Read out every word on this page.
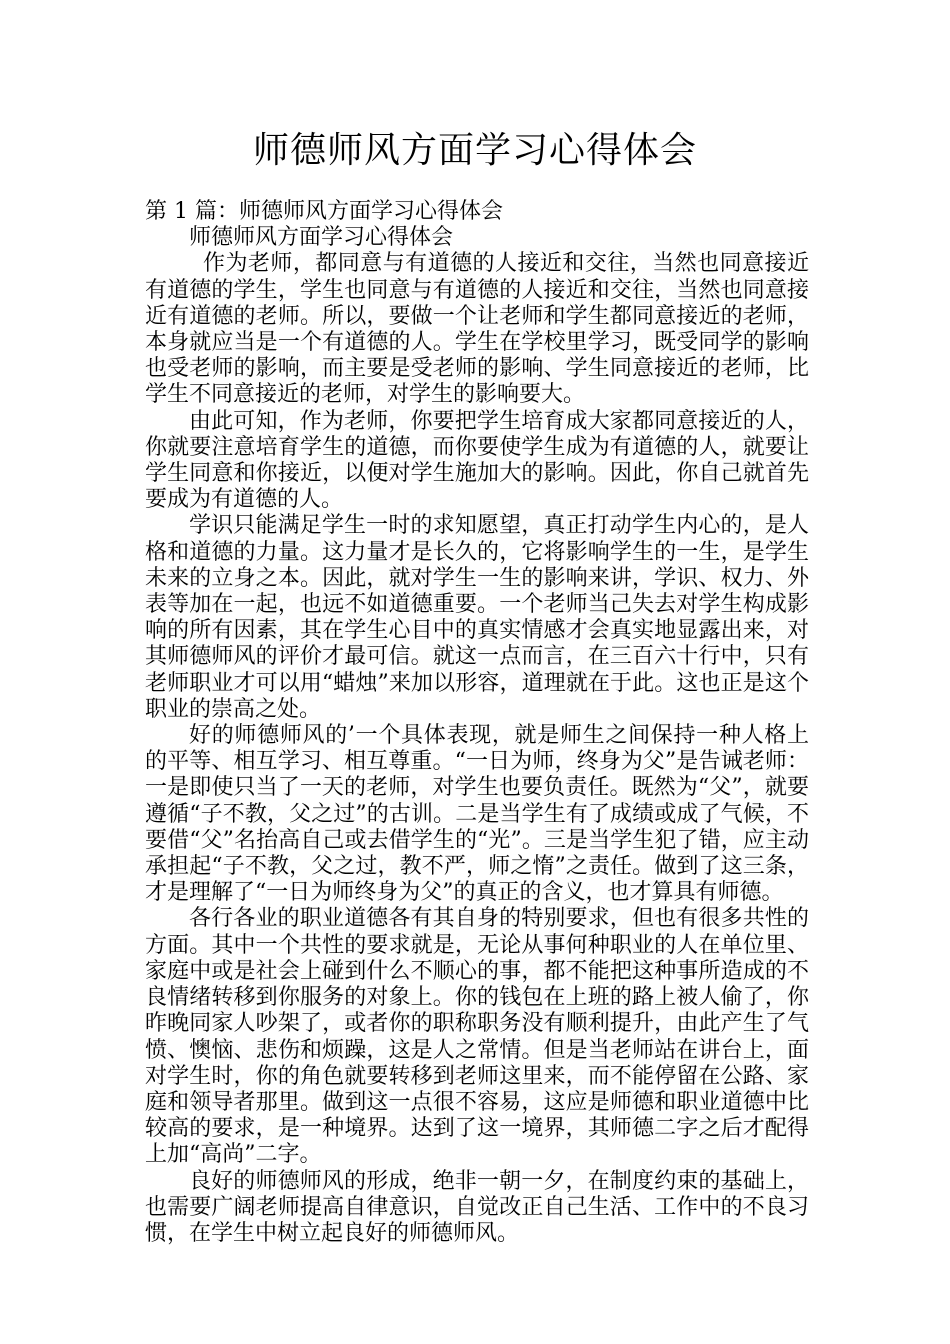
师德师风方面学习心得体会

第 1 篇：师德师风方面学习心得体会

师德师风方面学习心得体会

作为老师，都同意与有道德的人接近和交往，当然也同意接近有道德的学生，学生也同意与有道德的人接近和交往，当然也同意接近有道德的老师。所以，要做一个让老师和学生都同意接近的老师，本身就应当是一个有道德的人。学生在学校里学习，既受同学的影响也受老师的影响，而主要是受老师的影响、学生同意接近的老师，比学生不同意接近的老师，对学生的影响要大。

由此可知，作为老师，你要把学生培育成大家都同意接近的人，你就要注意培育学生的道德，而你要使学生成为有道德的人，就要让学生同意和你接近，以便对学生施加大的影响。因此，你自己就首先要成为有道德的人。

学识只能满足学生一时的求知愿望，真正打动学生内心的，是人格和道德的力量。这力量才是长久的，它将影响学生的一生，是学生未来的立身之本。因此，就对学生一生的影响来讲，学识、权力、外表等加在一起，也远不如道德重要。一个老师当己失去对学生构成影响的所有因素，其在学生心目中的真实情感才会真实地显露出来，对其师德师风的评价才最可信。就这一点而言，在三百六十行中，只有老师职业才可以用“蜡烛”来加以形容，道理就在于此。这也正是这个职业的崇高之处。

好的师德师风的’一个具体表现，就是师生之间保持一种人格上的平等、相互学习、相互尊重。“一日为师，终身为父”是告诫老师：一是即使只当了一天的老师，对学生也要负责任。既然为“父”，就要遵循“子不教，父之过”的古训。二是当学生有了成绩或成了气候，不要借“父”名抬高自己或去借学生的“光”。三是当学生犯了错，应主动承担起“子不教，父之过，教不严，师之惰”之责任。做到了这三条，才是理解了“一日为师终身为父”的真正的含义，也才算具有师德。

各行各业的职业道德各有其自身的特别要求，但也有很多共性的方面。其中一个共性的要求就是，无论从事何种职业的人在单位里、家庭中或是社会上碰到什么不顺心的事，都不能把这种事所造成的不良情绪转移到你服务的对象上。你的钱包在上班的路上被人偷了，你昨晚同家人吵架了，或者你的职称职务没有顺利提升，由此产生了气愤、懊恼、悲伤和烦躁，这是人之常情。但是当老师站在讲台上，面对学生时，你的角色就要转移到老师这里来，而不能停留在公路、家庭和领导者那里。做到这一点很不容易，这应是师德和职业道德中比较高的要求，是一种境界。达到了这一境界，其师德二字之后才配得上加“高尚”二字。

良好的师德师风的形成，绝非一朝一夕，在制度约束的基础上，也需要广阔老师提高自律意识，自觉改正自己生活、工作中的不良习惯，在学生中树立起良好的师德师风。
